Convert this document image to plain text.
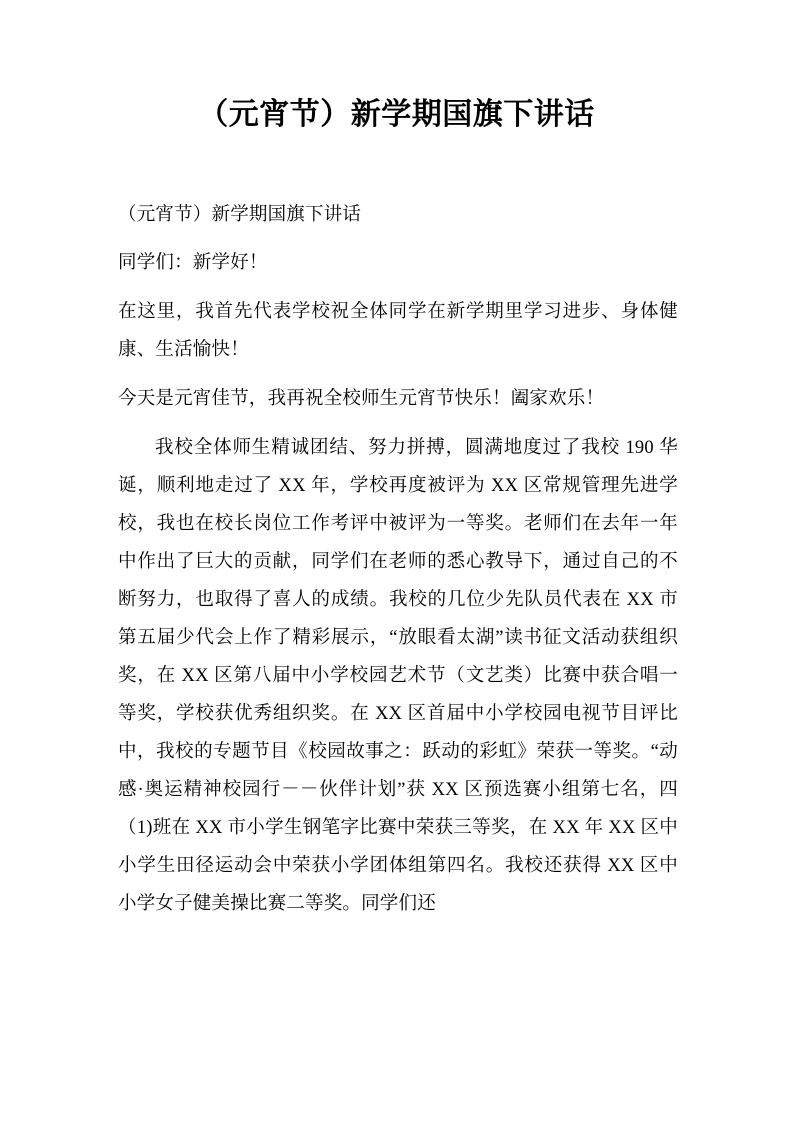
（元宵节）新学期国旗下讲话

（元宵节）新学期国旗下讲话

同学们：新学好！

在这里，我首先代表学校祝全体同学在新学期里学习进步、身体健康、生活愉快！

今天是元宵佳节，我再祝全校师生元宵节快乐！阖家欢乐！

我校全体师生精诚团结、努力拼搏，圆满地度过了我校 190 华诞，顺利地走过了 XX 年，学校再度被评为 XX 区常规管理先进学校，我也在校长岗位工作考评中被评为一等奖。老师们在去年一年中作出了巨大的贡献，同学们在老师的悉心教导下，通过自己的不断努力，也取得了喜人的成绩。我校的几位少先队员代表在 XX 市第五届少代会上作了精彩展示，“放眼看太湖”读书征文活动获组织奖，在 XX 区第八届中小学校园艺术节（文艺类）比赛中获合唱一等奖，学校获优秀组织奖。在 XX 区首届中小学校园电视节目评比中，我校的专题节目《校园故事之：跃动的彩虹》荣获一等奖。“动感·奥运精神校园行－－伙伴计划”获 XX 区预选赛小组第七名，四（1)班在 XX 市小学生钢笔字比赛中荣获三等奖，在 XX 年 XX 区中小学生田径运动会中荣获小学团体组第四名。我校还获得 XX 区中小学女子健美操比赛二等奖。同学们还
